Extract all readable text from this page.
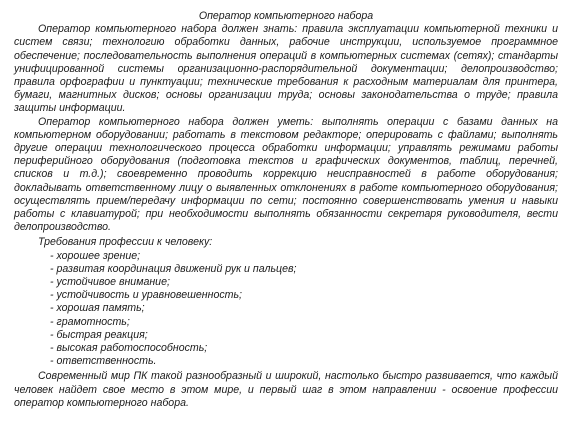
Оператор компьютерного набора

Оператор компьютерного набора должен знать: правила эксплуатации компьютерной техники и систем связи; технологию обработки данных, рабочие инструкции, используемое программное обеспечение; последовательность выполнения операций в компьютерных системах (сетях); стандарты унифицированной системы организационно-распорядительной документации; делопроизводство; правила орфографии и пунктуации; технические требования к расходным материалам для принтера, бумаги, магнитных дисков; основы организации труда; основы законодательства о труде; правила защиты информации.

Оператор компьютерного набора должен уметь: выполнять операции с базами данных на компьютерном оборудовании; работать в текстовом редакторе; оперировать с файлами; выполнять другие операции технологического процесса обработки информации; управлять режимами работы периферийного оборудования (подготовка текстов и графических документов, таблиц, перечней, списков и т.д.); своевременно проводить коррекцию неисправностей в работе оборудования; докладывать ответственному лицу о выявленных отклонениях в работе компьютерного оборудования; осуществлять прием/передачу информации по сети; постоянно совершенствовать умения и навыки работы с клавиатурой; при необходимости выполнять обязанности секретаря руководителя, вести делопроизводство.

Требования профессии к человеку:

- хорошее зрение;
- развитая координация движений рук и пальцев;
- устойчивое внимание;
- устойчивость и уравновешенность;
- хорошая память;
- грамотность;
- быстрая реакция;
- высокая работоспособность;
- ответственность.

Современный мир ПК такой разнообразный и широкий, настолько быстро развивается, что каждый человек найдет свое место в этом мире, и первый шаг в этом направлении - освоение профессии оператор компьютерного набора.
